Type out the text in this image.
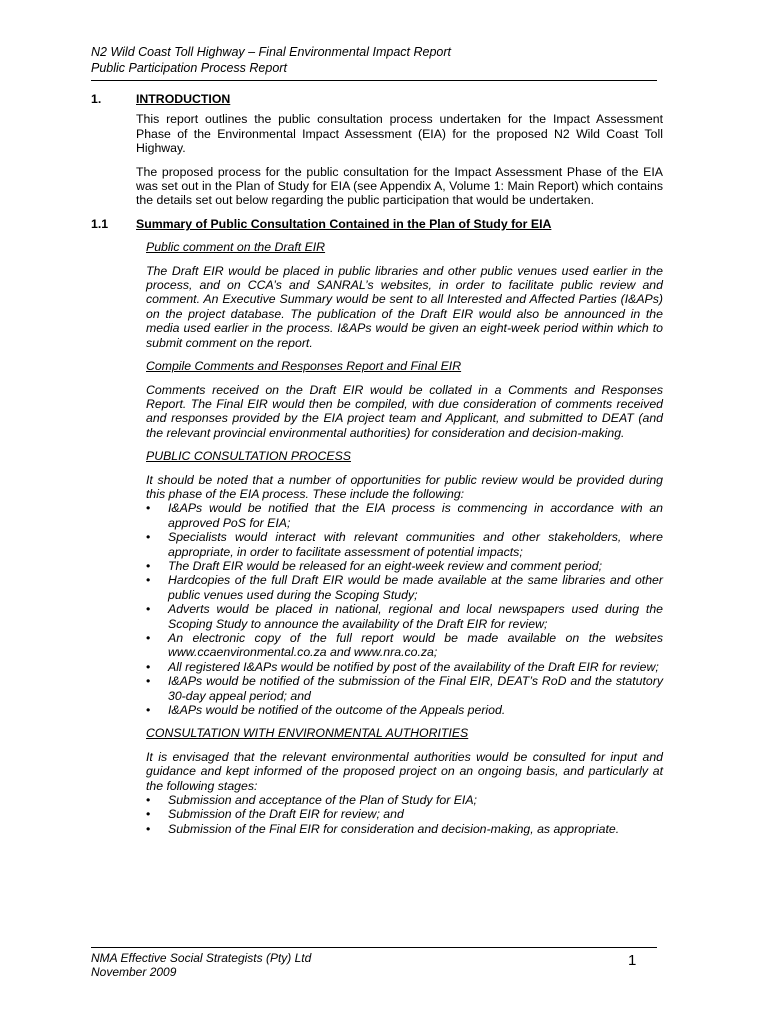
N2 Wild Coast Toll Highway – Final Environmental Impact Report
Public Participation Process Report
1.	INTRODUCTION
This report outlines the public consultation process undertaken for the Impact Assessment Phase of the Environmental Impact Assessment (EIA) for the proposed N2 Wild Coast Toll Highway.
The proposed process for the public consultation for the Impact Assessment Phase of the EIA was set out in the Plan of Study for EIA (see Appendix A, Volume 1: Main Report) which contains the details set out below regarding the public participation that would be undertaken.
1.1	Summary of Public Consultation Contained in the Plan of Study for EIA
Public comment on the Draft EIR
The Draft EIR would be placed in public libraries and other public venues used earlier in the process, and on CCA’s and SANRAL’s websites, in order to facilitate public review and comment. An Executive Summary would be sent to all Interested and Affected Parties (I&APs) on the project database. The publication of the Draft EIR would also be announced in the media used earlier in the process. I&APs would be given an eight-week period within which to submit comment on the report.
Compile Comments and Responses Report and Final EIR
Comments received on the Draft EIR would be collated in a Comments and Responses Report. The Final EIR would then be compiled, with due consideration of comments received and responses provided by the EIA project team and Applicant, and submitted to DEAT (and the relevant provincial environmental authorities) for consideration and decision-making.
PUBLIC CONSULTATION PROCESS
It should be noted that a number of opportunities for public review would be provided during this phase of the EIA process. These include the following:
•	I&APs would be notified that the EIA process is commencing in accordance with an approved PoS for EIA;
•	Specialists would interact with relevant communities and other stakeholders, where appropriate, in order to facilitate assessment of potential impacts;
•	The Draft EIR would be released for an eight-week review and comment period;
•	Hardcopies of the full Draft EIR would be made available at the same libraries and other public venues used during the Scoping Study;
•	Adverts would be placed in national, regional and local newspapers used during the Scoping Study to announce the availability of the Draft EIR for review;
•	An electronic copy of the full report would be made available on the websites www.ccaenvironmental.co.za and www.nra.co.za;
•	All registered I&APs would be notified by post of the availability of the Draft EIR for review;
•	I&APs would be notified of the submission of the Final EIR, DEAT’s RoD and the statutory 30-day appeal period; and
•	I&APs would be notified of the outcome of the Appeals period.
CONSULTATION WITH ENVIRONMENTAL AUTHORITIES
It is envisaged that the relevant environmental authorities would be consulted for input and guidance and kept informed of the proposed project on an ongoing basis, and particularly at the following stages:
•	Submission and acceptance of the Plan of Study for EIA;
•	Submission of the Draft EIR for review; and
•	Submission of the Final EIR for consideration and decision-making, as appropriate.
NMA Effective Social Strategists (Pty) Ltd
November 2009
1
